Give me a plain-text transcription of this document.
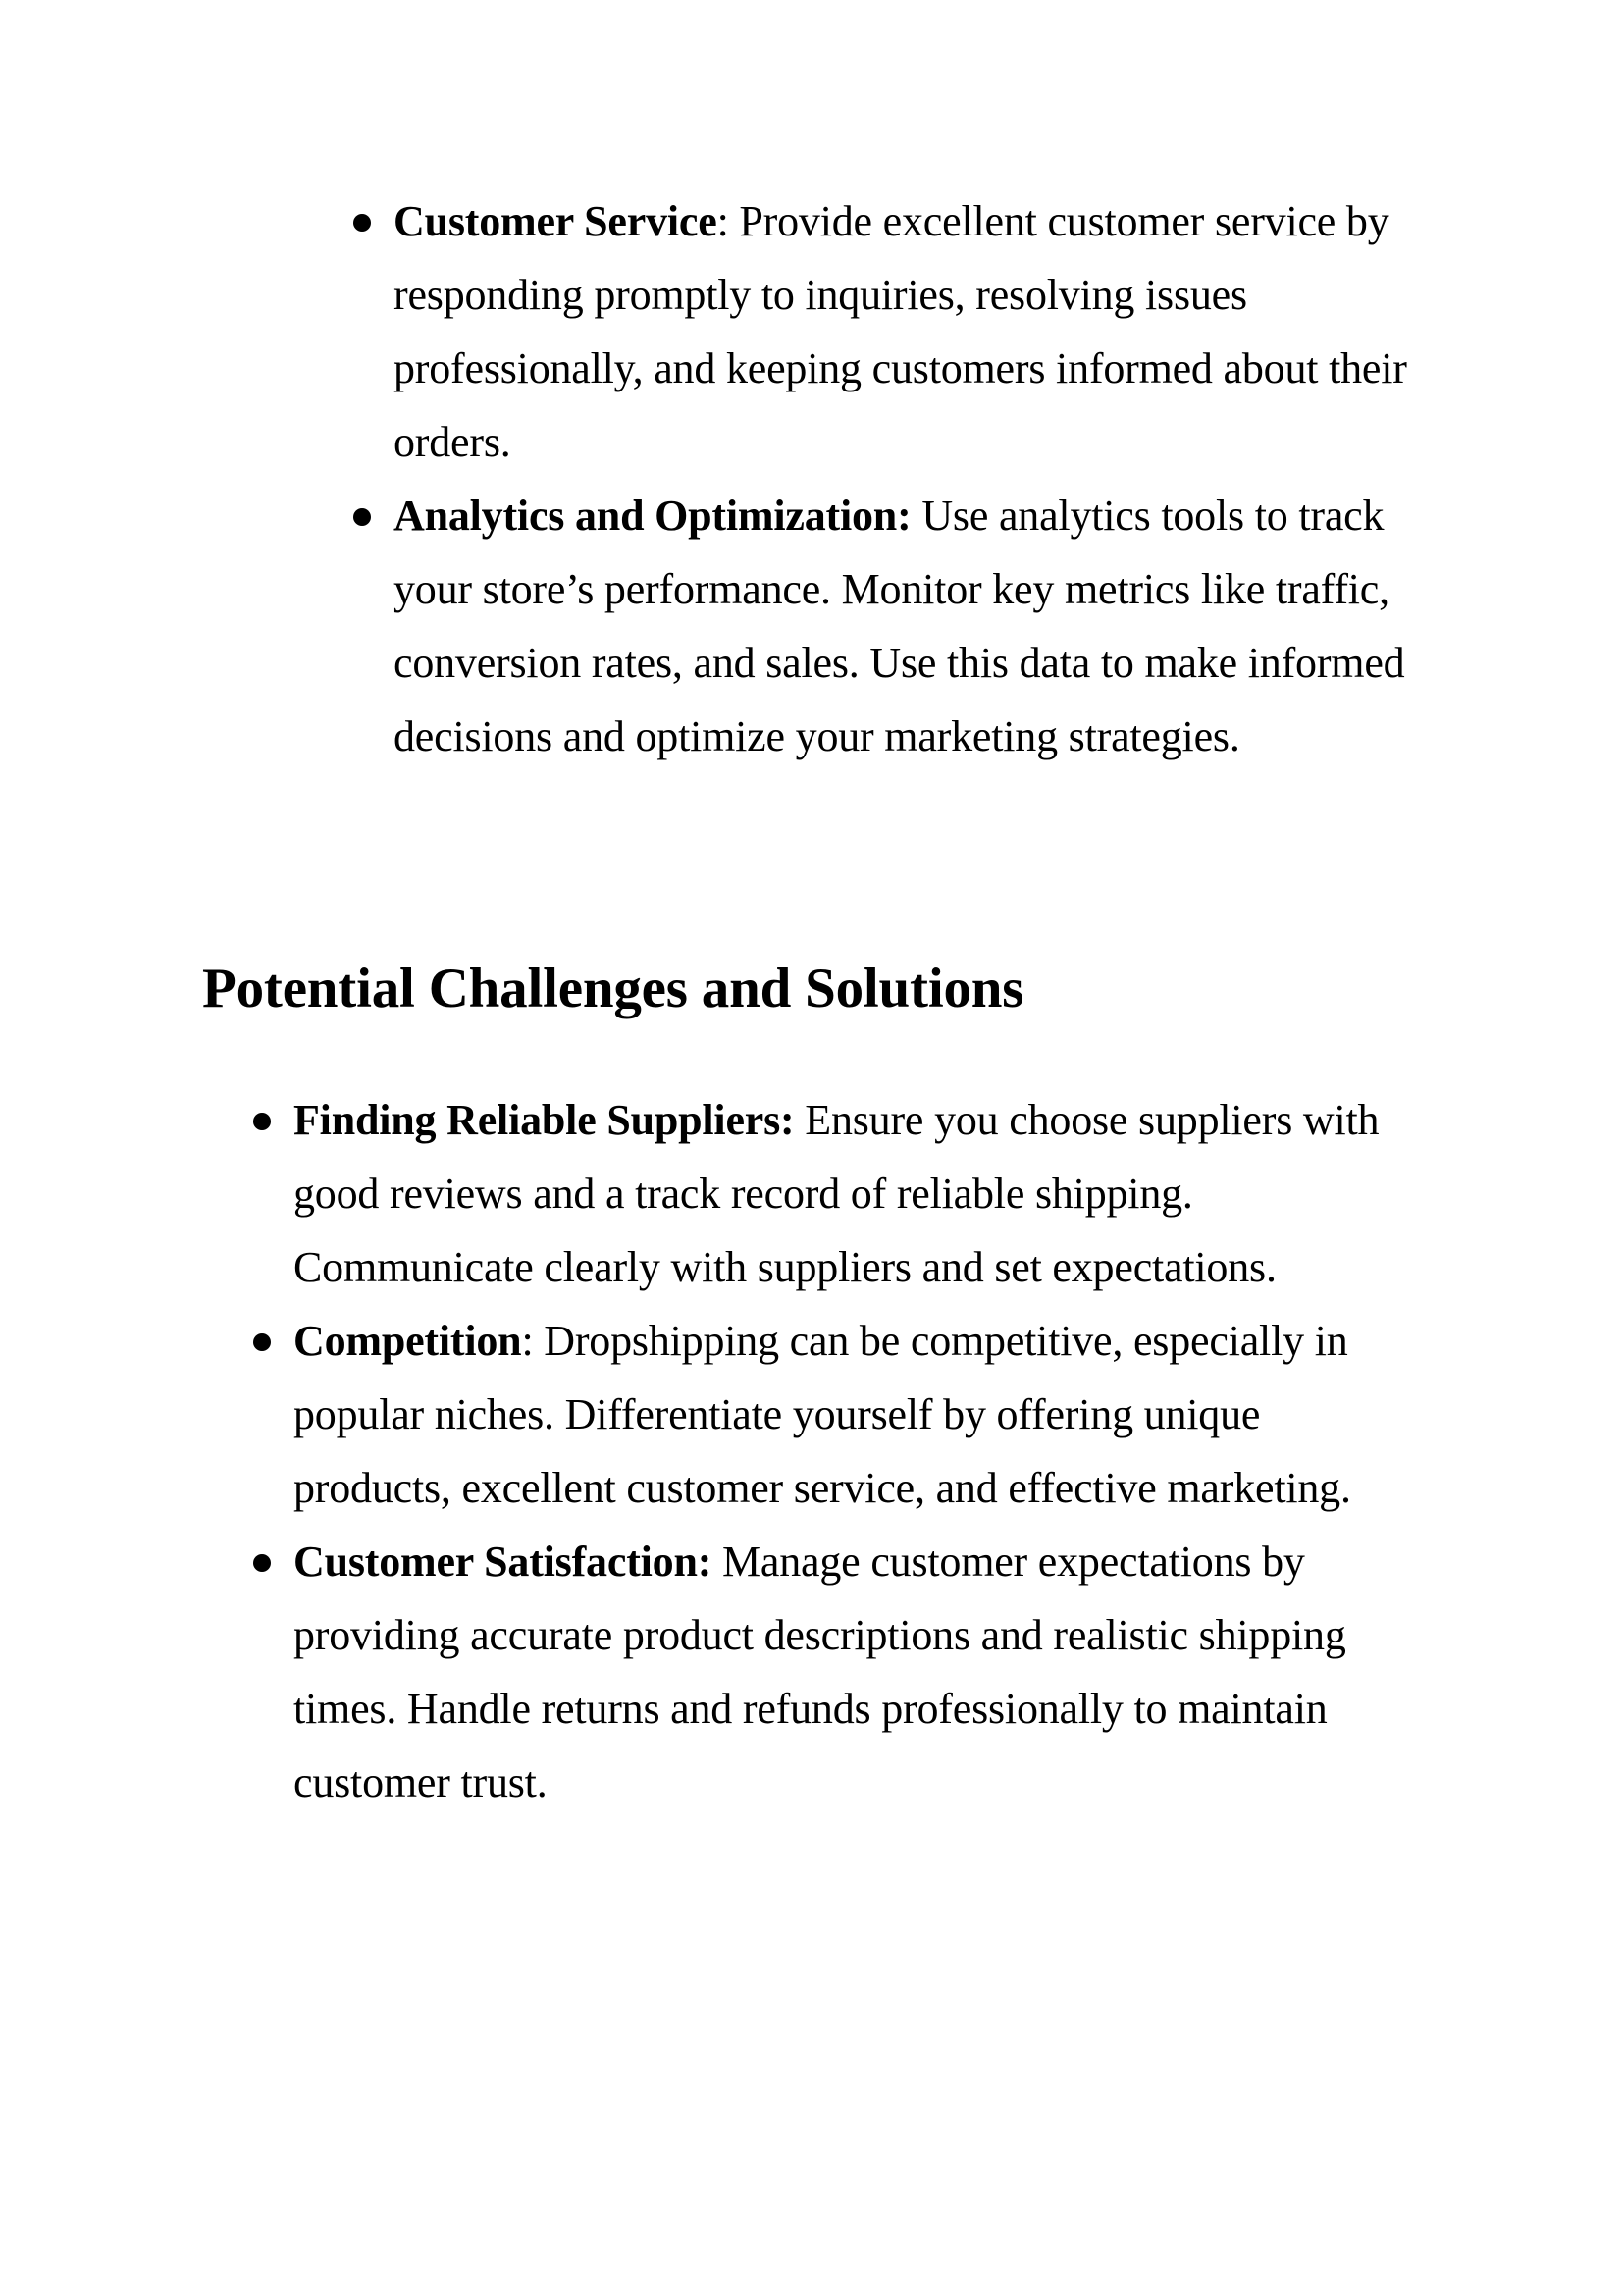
Customer Service: Provide excellent customer service by responding promptly to inquiries, resolving issues professionally, and keeping customers informed about their orders.
Analytics and Optimization: Use analytics tools to track your store’s performance. Monitor key metrics like traffic, conversion rates, and sales. Use this data to make informed decisions and optimize your marketing strategies.
Potential Challenges and Solutions
Finding Reliable Suppliers: Ensure you choose suppliers with good reviews and a track record of reliable shipping. Communicate clearly with suppliers and set expectations.
Competition: Dropshipping can be competitive, especially in popular niches. Differentiate yourself by offering unique products, excellent customer service, and effective marketing.
Customer Satisfaction: Manage customer expectations by providing accurate product descriptions and realistic shipping times. Handle returns and refunds professionally to maintain customer trust.
